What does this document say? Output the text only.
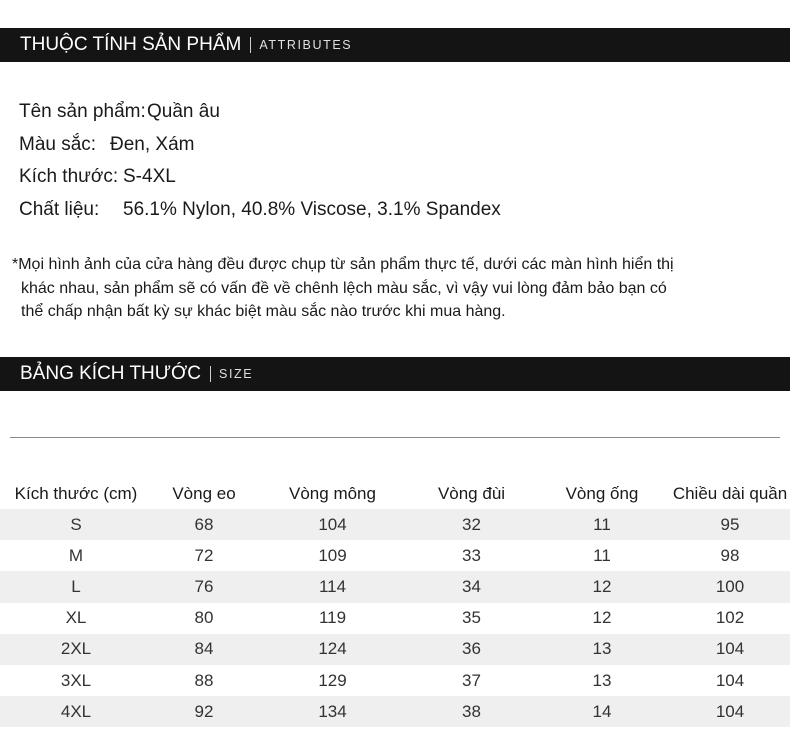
THUỘC TÍNH SẢN PHẨM ATTRIBUTES
Tên sản phẩm: Quần âu
Màu sắc: Đen, Xám
Kích thước: S-4XL
Chất liệu:	56.1% Nylon, 40.8% Viscose, 3.1% Spandex
*Mọi hình ảnh của cửa hàng đều được chụp từ sản phẩm thực tế, dưới các màn hình hiển thị
khác nhau, sản phẩm sẽ có vấn đề về chênh lệch màu sắc, vì vậy vui lòng đảm bảo bạn có
thể chấp nhận bất kỳ sự khác biệt màu sắc nào trước khi mua hàng.
BẢNG KÍCH THƯỚC SIZE
Kích thước (cm)	Vòng eo	Vòng mông	Vòng đùi	Vòng ống	Chiều dài quần
S	68	104	32	11	95
M	72	109	33	11	98
L	76	114	34	12	100
XL	80	119	35	12	102
2XL	84	124	36	13	104
3XL	88	129	37	13	104
4XL	92	134	38	14	104
